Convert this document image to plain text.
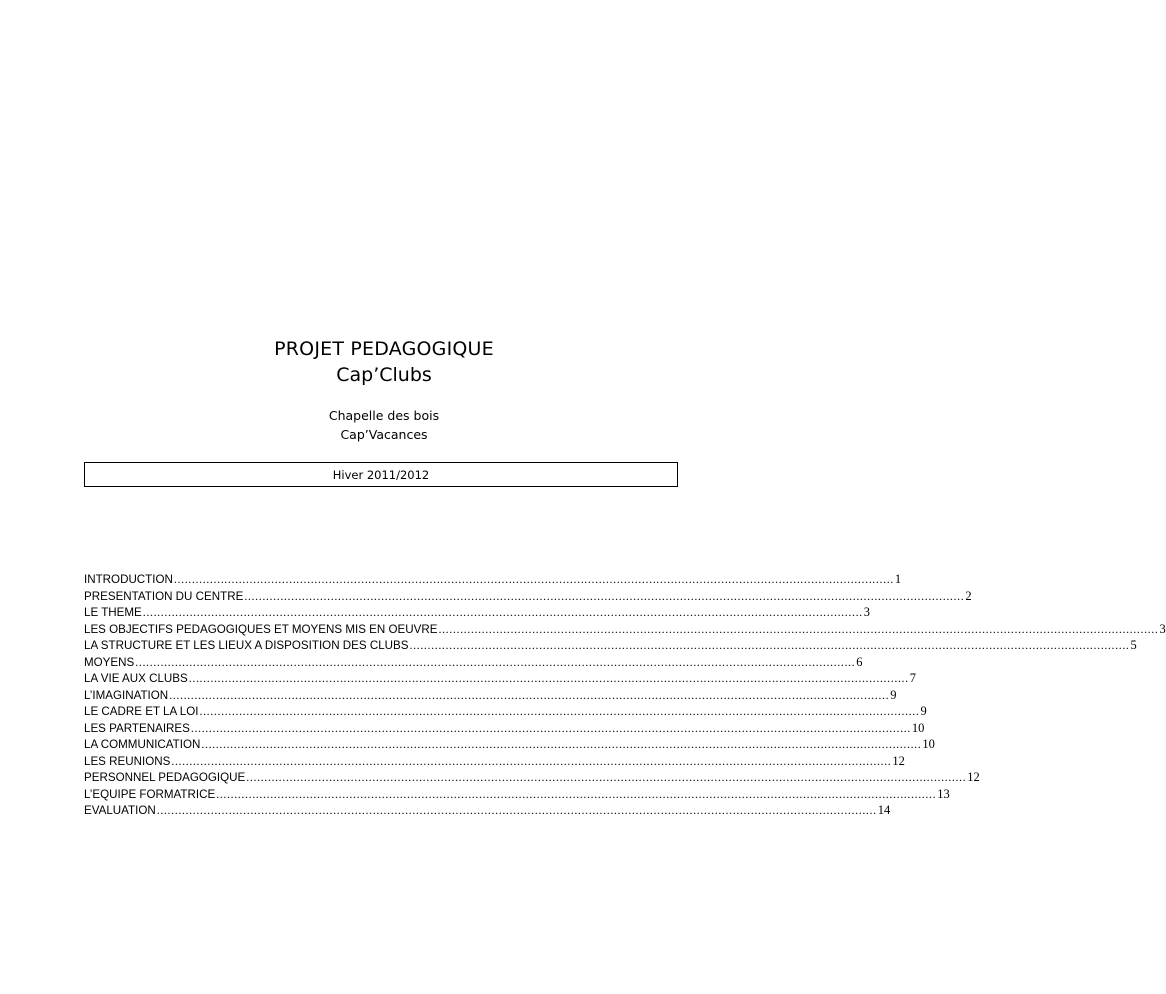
PROJET PEDAGOGIQUE
Cap’Clubs
Chapelle des bois
Cap’Vacances
Hiver 2011/2012
INTRODUCTION ........................................................................................................................................................................................................ 1
PRESENTATION DU CENTRE ........................................................................................................................................................................................................ 2
LE THEME ........................................................................................................................................................................................................ 3
LES OBJECTIFS PEDAGOGIQUES ET MOYENS MIS EN OEUVRE ........................................................................................................................................................................................................ 3
LA STRUCTURE ET LES LIEUX A DISPOSITION DES CLUBS ........................................................................................................................................................................................................ 5
MOYENS ........................................................................................................................................................................................................ 6
LA VIE AUX CLUBS ........................................................................................................................................................................................................ 7
L’IMAGINATION ........................................................................................................................................................................................................ 9
LE CADRE ET LA LOI ........................................................................................................................................................................................................ 9
LES PARTENAIRES ........................................................................................................................................................................................................ 10
LA COMMUNICATION ........................................................................................................................................................................................................ 10
LES REUNIONS ........................................................................................................................................................................................................ 12
PERSONNEL PEDAGOGIQUE ........................................................................................................................................................................................................ 12
L’EQUIPE FORMATRICE ........................................................................................................................................................................................................ 13
EVALUATION ........................................................................................................................................................................................................ 14
